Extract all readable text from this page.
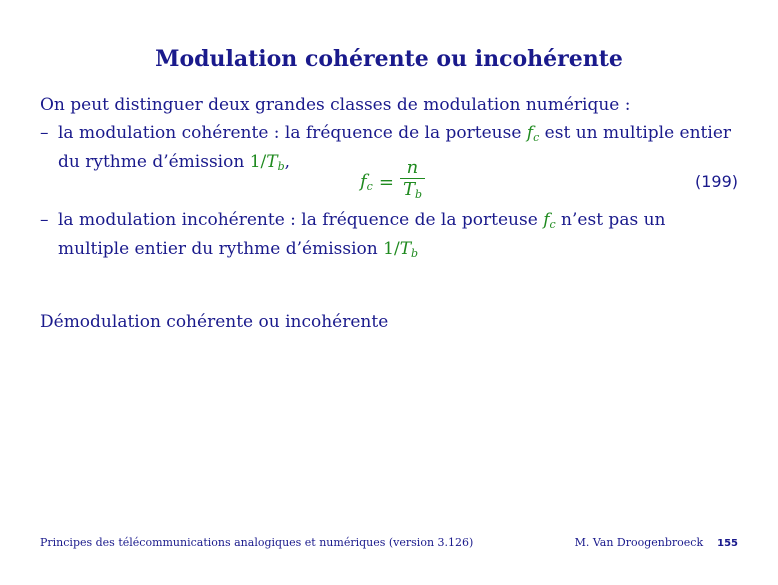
Modulation cohérente ou incohérente
On peut distinguer deux grandes classes de modulation numérique :
– la modulation cohérente : la fréquence de la porteuse $f_c$ est un multiple entier du rythme d’émission $1/T_b$,
$f_c = \frac{n}{T_b}$	(199)
– la modulation incohérente : la fréquence de la porteuse $f_c$ n’est pas un multiple entier du rythme d’émission $1/T_b$
Démodulation cohérente ou incohérente
Principes des télécommunications analogiques et numériques (version 3.126)	M. Van Droogenbroeck 155
